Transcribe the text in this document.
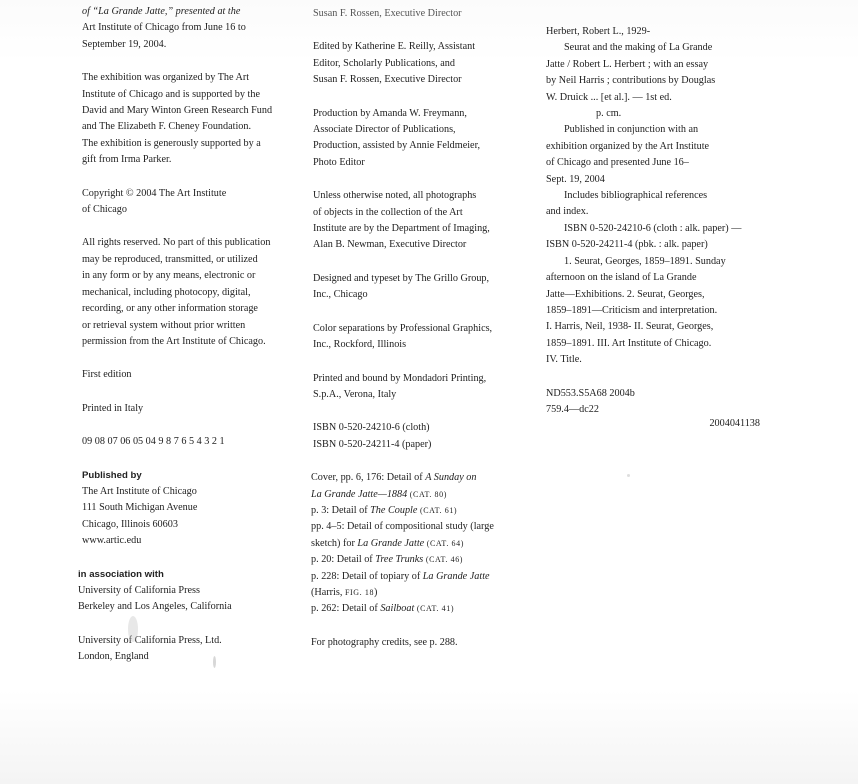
of “La Grande Jatte,” presented at the
Art Institute of Chicago from June 16 to
September 19, 2004.
The exhibition was organized by The Art
Institute of Chicago and is supported by the
David and Mary Winton Green Research Fund
and The Elizabeth F. Cheney Foundation.
The exhibition is generously supported by a
gift from Irma Parker.
Copyright © 2004 The Art Institute
of Chicago
All rights reserved. No part of this publication
may be reproduced, transmitted, or utilized
in any form or by any means, electronic or
mechanical, including photocopy, digital,
recording, or any other information storage
or retrieval system without prior written
permission from the Art Institute of Chicago.
First edition
Printed in Italy
09 08 07 06 05 04 9 8 7 6 5 4 3 2 1
Published by
The Art Institute of Chicago
111 South Michigan Avenue
Chicago, Illinois 60603
www.artic.edu
in association with
University of California Press
Berkeley and Los Angeles, California
University of California Press, Ltd.
London, England
Susan F. Rossen, Executive Director
Edited by Katherine E. Reilly, Assistant
Editor, Scholarly Publications, and
Susan F. Rossen, Executive Director
Production by Amanda W. Freymann,
Associate Director of Publications,
Production, assisted by Annie Feldmeier,
Photo Editor
Unless otherwise noted, all photographs
of objects in the collection of the Art
Institute are by the Department of Imaging,
Alan B. Newman, Executive Director
Designed and typeset by The Grillo Group,
Inc., Chicago
Color separations by Professional Graphics,
Inc., Rockford, Illinois
Printed and bound by Mondadori Printing,
S.p.A., Verona, Italy
ISBN 0-520-24210-6 (cloth)
ISBN 0-520-24211-4 (paper)
Cover, pp. 6, 176: Detail of A Sunday on
La Grande Jatte—1884 (CAT. 80)
p. 3: Detail of The Couple (CAT. 61)
pp. 4–5: Detail of compositional study (large
sketch) for La Grande Jatte (CAT. 64)
p. 20: Detail of Tree Trunks (CAT. 46)
p. 228: Detail of topiary of La Grande Jatte
(Harris, FIG. 18)
p. 262: Detail of Sailboat (CAT. 41)
For photography credits, see p. 288.
Herbert, Robert L., 1929-
Seurat and the making of La Grande
Jatte / Robert L. Herbert ; with an essay
by Neil Harris ; contributions by Douglas
W. Druick ... [et al.]. — 1st ed.
p. cm.
Published in conjunction with an
exhibition organized by the Art Institute
of Chicago and presented June 16–
Sept. 19, 2004
Includes bibliographical references
and index.
ISBN 0-520-24210-6 (cloth : alk. paper) —
ISBN 0-520-24211-4 (pbk. : alk. paper)
1. Seurat, Georges, 1859–1891. Sunday
afternoon on the island of La Grande
Jatte—Exhibitions. 2. Seurat, Georges,
1859–1891—Criticism and interpretation.
I. Harris, Neil, 1938- II. Seurat, Georges,
1859–1891. III. Art Institute of Chicago.
IV. Title.
ND553.S5A68 2004b
759.4—dc22
2004041138
